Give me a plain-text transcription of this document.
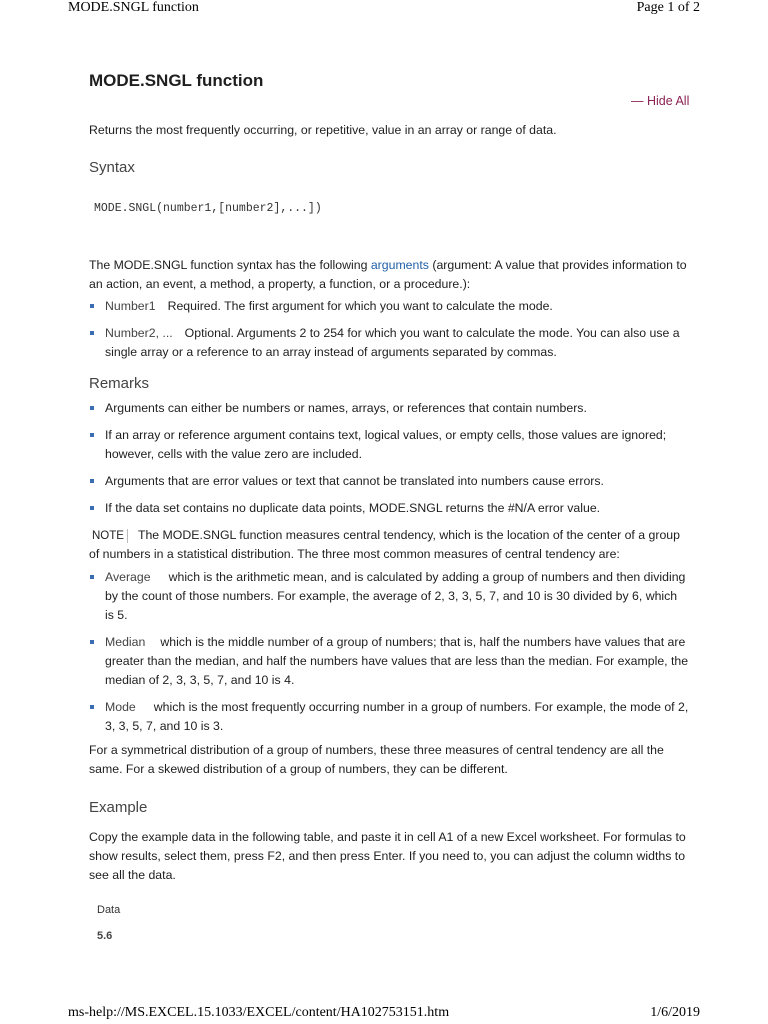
MODE.SNGL function	Page 1 of 2
MODE.SNGL function
— Hide All

Returns the most frequently occurring, or repetitive, value in an array or range of data.

Syntax
MODE.SNGL(number1,[number2],...])

The MODE.SNGL function syntax has the following arguments (argument: A value that provides information to an action, an event, a method, a property, a function, or a procedure.):

Number1 Required. The first argument for which you want to calculate the mode.
Number2, ... Optional. Arguments 2 to 254 for which you want to calculate the mode. You can also use a single array or a reference to an array instead of arguments separated by commas.
Remarks
Arguments can either be numbers or names, arrays, or references that contain numbers.
If an array or reference argument contains text, logical values, or empty cells, those values are ignored; however, cells with the value zero are included.
Arguments that are error values or text that cannot be translated into numbers cause errors.
If the data set contains no duplicate data points, MODE.SNGL returns the #N/A error value.

NOTE The MODE.SNGL function measures central tendency, which is the location of the center of a group of numbers in a statistical distribution. The three most common measures of central tendency are:

Average which is the arithmetic mean, and is calculated by adding a group of numbers and then dividing by the count of those numbers. For example, the average of 2, 3, 3, 5, 7, and 10 is 30 divided by 6, which is 5.
Median which is the middle number of a group of numbers; that is, half the numbers have values that are greater than the median, and half the numbers have values that are less than the median. For example, the median of 2, 3, 3, 5, 7, and 10 is 4.
Mode which is the most frequently occurring number in a group of numbers. For example, the mode of 2, 3, 3, 5, 7, and 10 is 3.

For a symmetrical distribution of a group of numbers, these three measures of central tendency are all the same. For a skewed distribution of a group of numbers, they can be different.

Example

Copy the example data in the following table, and paste it in cell A1 of a new Excel worksheet. For formulas to show results, select them, press F2, and then press Enter. If you need to, you can adjust the column widths to see all the data.

Data
5.6
ms-help://MS.EXCEL.15.1033/EXCEL/content/HA102753151.htm	1/6/2019
